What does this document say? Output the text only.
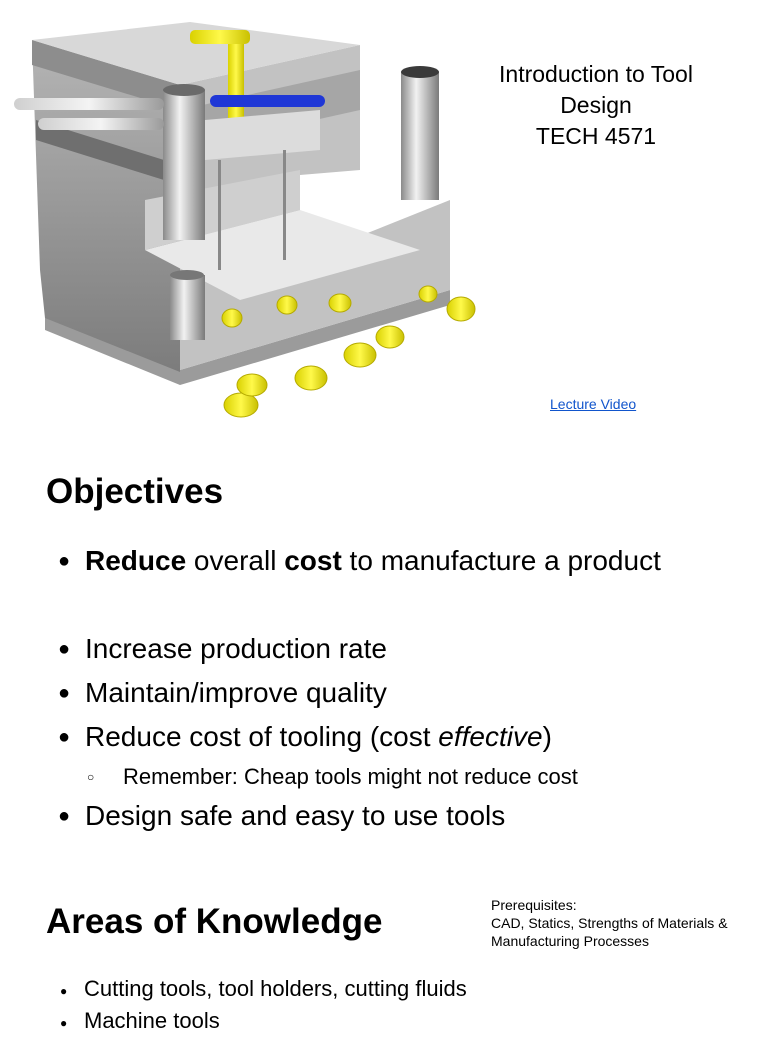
Introduction to Tool
Design
TECH 4571
Lecture Video
Objectives
● Reduce overall cost to manufacture a product
● Increase production rate
● Maintain/improve quality
● Reduce cost of tooling (cost effective)
○ Remember: Cheap tools might not reduce cost
● Design safe and easy to use tools
Areas of Knowledge	Prerequisites:
CAD, Statics, Strengths of Materials & Manufacturing Processes
● Cutting tools, tool holders, cutting fluids
● Machine tools
